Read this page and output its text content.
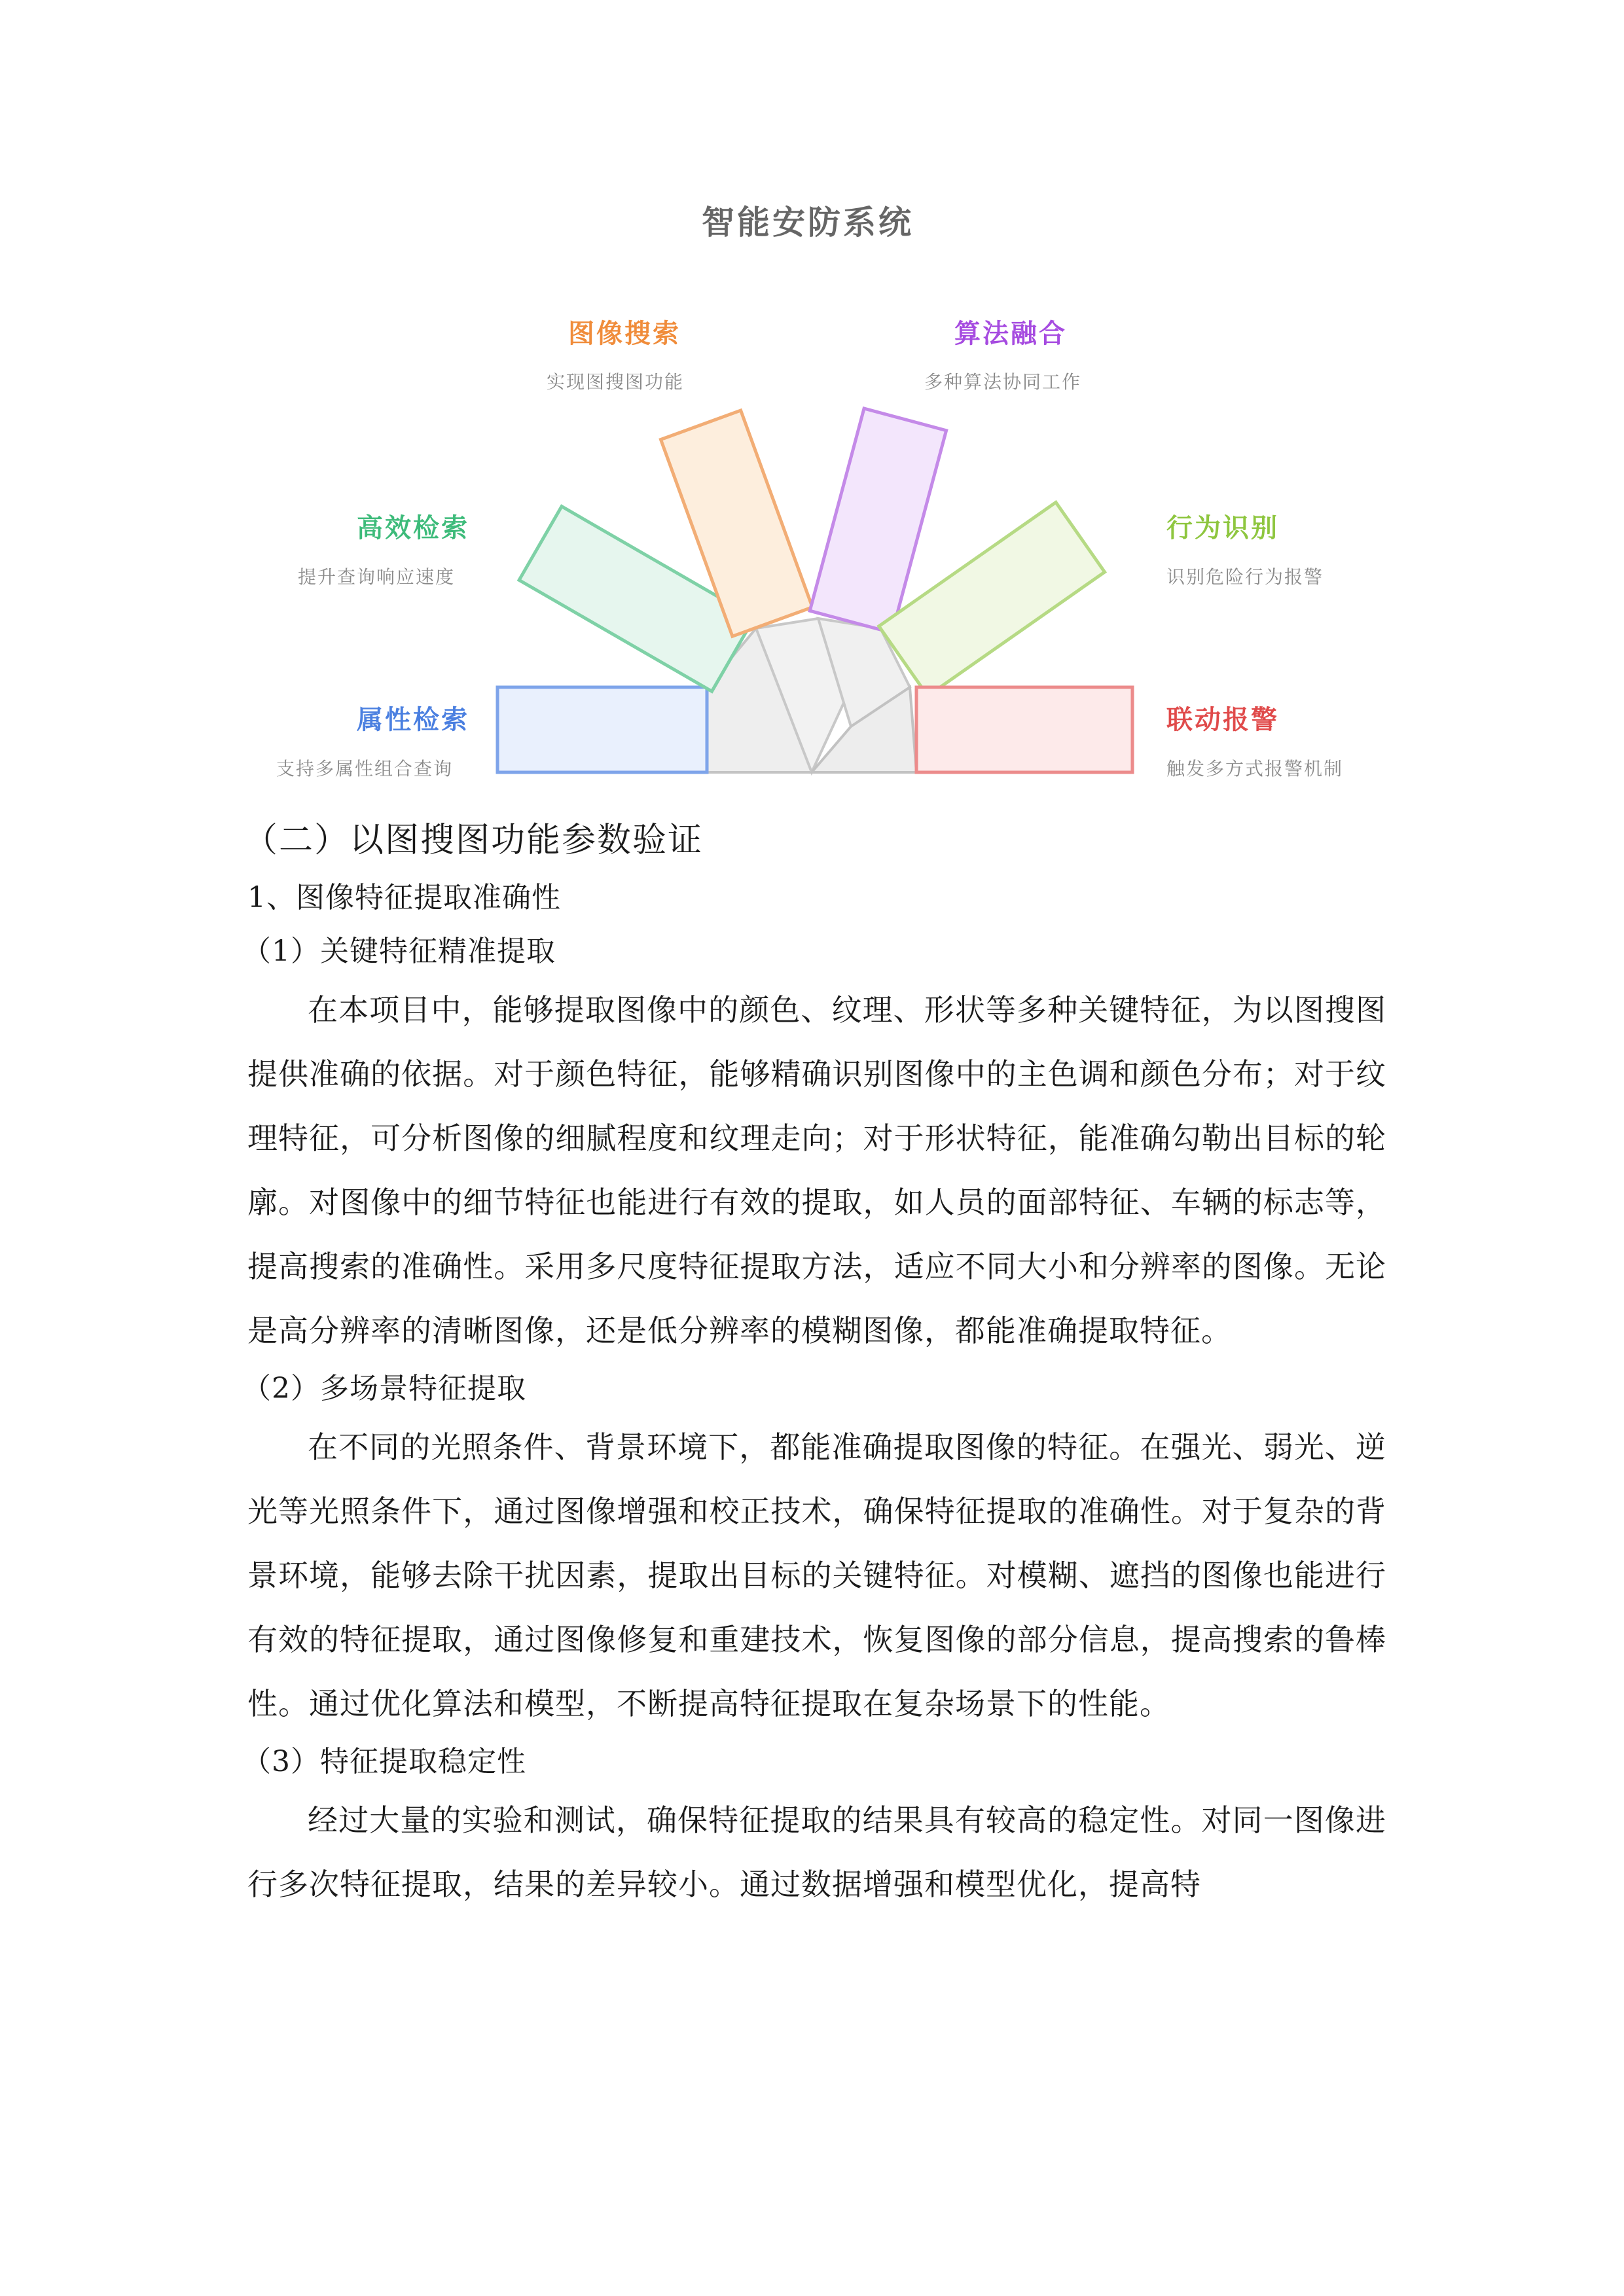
智能安防系统
图像搜索
实现图搜图功能
算法融合
多种算法协同工作
高效检索
提升查询响应速度
行为识别
识别危险行为报警
属性检索
支持多属性组合查询
联动报警
触发多方式报警机制
（二）以图搜图功能参数验证
1、图像特征提取准确性
（1）关键特征精准提取

在本项目中，能够提取图像中的颜色、纹理、形状等多种关键特征，为以图搜图提供准确的依据。对于颜色特征，能够精确识别图像中的主色调和颜色分布；对于纹理特征，可分析图像的细腻程度和纹理走向；对于形状特征，能准确勾勒出目标的轮廓。对图像中的细节特征也能进行有效的提取，如人员的面部特征、车辆的标志等，提高搜索的准确性。采用多尺度特征提取方法，适应不同大小和分辨率的图像。无论是高分辨率的清晰图像，还是低分辨率的模糊图像，都能准确提取特征。

（2）多场景特征提取

在不同的光照条件、背景环境下，都能准确提取图像的特征。在强光、弱光、逆光等光照条件下，通过图像增强和校正技术，确保特征提取的准确性。对于复杂的背景环境，能够去除干扰因素，提取出目标的关键特征。对模糊、遮挡的图像也能进行有效的特征提取，通过图像修复和重建技术，恢复图像的部分信息，提高搜索的鲁棒性。通过优化算法和模型，不断提高特征提取在复杂场景下的性能。

（3）特征提取稳定性

经过大量的实验和测试，确保特征提取的结果具有较高的稳定性。对同一图像进行多次特征提取，结果的差异较小。通过数据增强和模型优化，提高特
